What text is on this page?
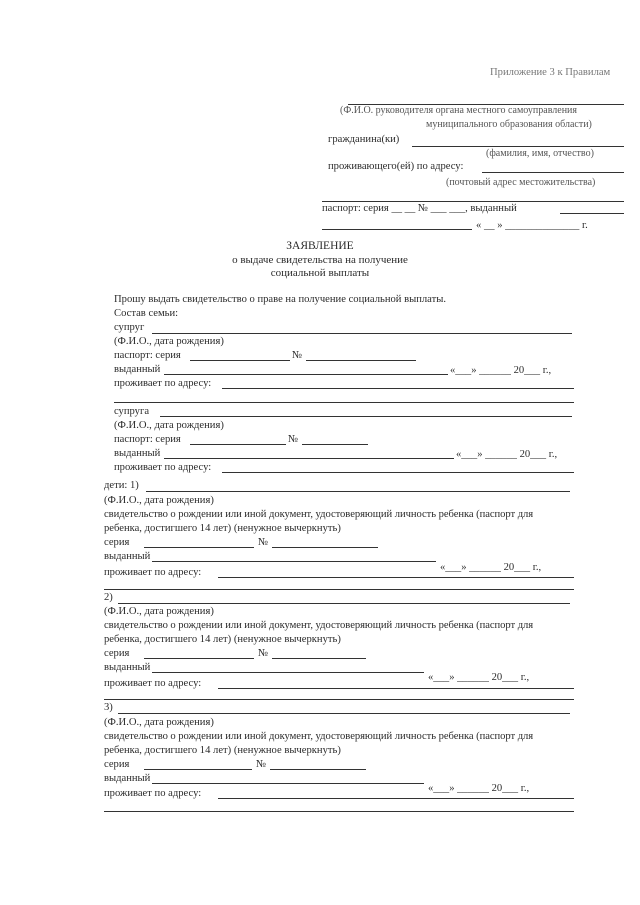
Приложение 3 к Правилам
(Ф.И.О. руководителя органа местного самоуправления
муниципального образования области)
гражданина(ки)
(фамилия, имя, отчество)
проживающего(ей) по адресу:
(почтовый адрес местожительства)
паспорт: серия __ __ № ___ ___, выданный
« __ » ______________ г.
ЗАЯВЛЕНИЕ
о выдаче свидетельства на получение
социальной выплаты
Прошу выдать свидетельство о праве на получение социальной выплаты.
Состав семьи:
супруг
(Ф.И.О., дата рождения)
паспорт: серия	№
выданный	«___» ______ 20___ г.,
проживает по адресу:
супруга
(Ф.И.О., дата рождения)
паспорт: серия	№
выданный	«___» ______ 20___ г.,
проживает по адресу:
дети: 1)
(Ф.И.О., дата рождения)
свидетельство о рождении или иной документ, удостоверяющий личность ребенка (паспорт для
ребенка, достигшего 14 лет) (ненужное вычеркнуть)
серия	№
выданный
«___» ______ 20___ г.,
проживает по адресу:
2)
(Ф.И.О., дата рождения)
свидетельство о рождении или иной документ, удостоверяющий личность ребенка (паспорт для
ребенка, достигшего 14 лет) (ненужное вычеркнуть)
серия	№
выданный
«___» ______ 20___ г.,
проживает по адресу:
3)
(Ф.И.О., дата рождения)
свидетельство о рождении или иной документ, удостоверяющий личность ребенка (паспорт для
ребенка, достигшего 14 лет) (ненужное вычеркнуть)
серия	№
выданный
«___» ______ 20___ г.,
проживает по адресу:
